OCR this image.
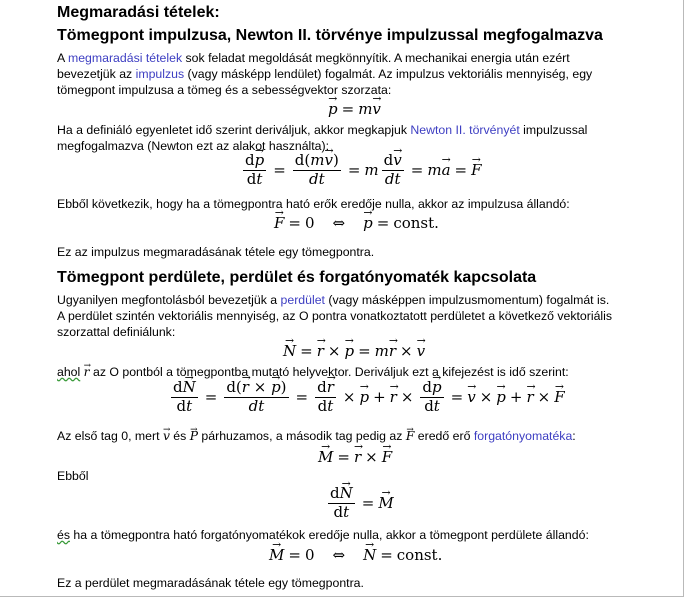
Megmaradási tételek:
Tömegpont impulzusa, Newton II. törvénye impulzussal megfogalmazva
A megmaradási tételek sok feladat megoldását megkönnyítik. A mechanikai energia után ezért
bevezetjük az impulzus (vagy másképp lendület) fogalmát. Az impulzus vektoriális mennyiség, egy
tömegpont impulzusa a tömeg és a sebességvektor szorzata:
→ p = m
→ v
Ha a definiáló egyenletet idő szerint deriváljuk, akkor megkapjuk Newton II. törvényét impulzussal
megfogalmazva (Newton ezt az alakot használta):
$\frac{d\to p}{dt} = \frac{d(m\to v)}{dt} = m \frac{d\to v}{dt} = m$
→ a =
→ F
Ebből következik, hogy ha a tömegpontra ható erők eredője nulla, akkor az impulzusa állandó:
→ F = 0 ⇔
→ p = const.
Ez az impulzus megmaradásának tétele egy tömegpontra.
Tömegpont perdülete, perdület és forgatónyomaték kapcsolata
Ugyanilyen megfontolásból bevezetjük a perdület (vagy másképpen impulzusmomentum) fogalmát is.
A perdület szintén vektoriális mennyiség, az O pontra vonatkoztatott perdületet a következő vektoriális
szorzattal definiálunk:
→ N =
→ r ×
→ p = m
→ r ×
→ v
ahol → r az O pontból a tömegpontba mutató helyvektor. Deriváljuk ezt a kifejezést is idő szerint:
$\frac{d\to N}{dt} = \frac{d(\to r \times \to p)}{dt} = \frac{d\to r}{dt}$ ×
→ p +
→ $r \times \frac{d\to p}{dt}$ =
→ v ×
→ p +
→ r ×
→ F
Az első tag 0, mert → v és → P párhuzamos, a második tag pedig az → F eredő erő forgatónyomatéka:
→ M =
→ r ×
→ F
Ebből
$\frac{d\to N}{dt}$ =
→ M
és ha a tömegpontra ható forgatónyomatékok eredője nulla, akkor a tömegpont perdülete állandó:
→ M = 0 ⇔
→ N = const.
Ez a perdület megmaradásának tétele egy tömegpontra.
